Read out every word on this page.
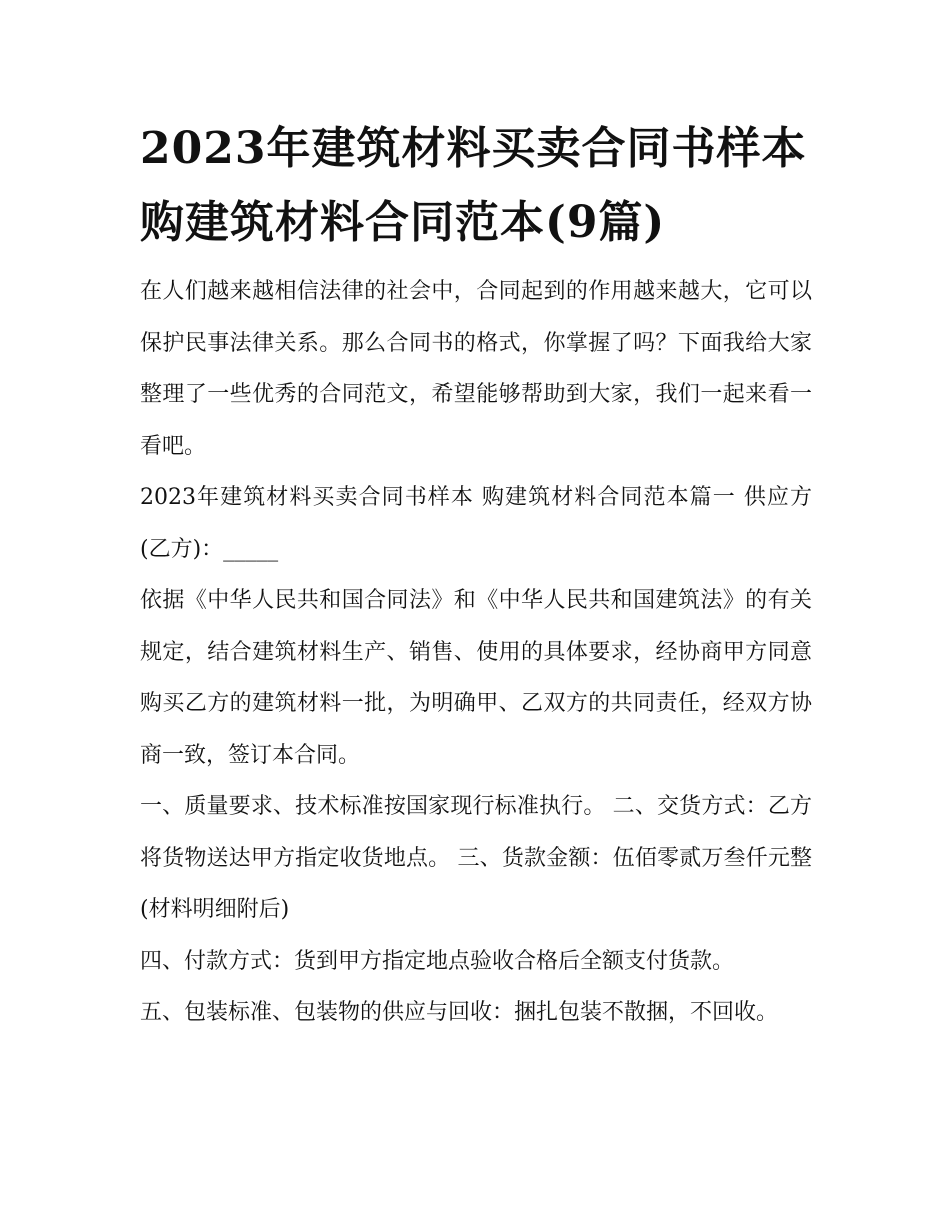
2023年建筑材料买卖合同书样本 购建筑材料合同范本(9篇)

在人们越来越相信法律的社会中，合同起到的作用越来越大，它可以保护民事法律关系。那么合同书的格式，你掌握了吗？下面我给大家整理了一些优秀的合同范文，希望能够帮助到大家，我们一起来看一看吧。

2023年建筑材料买卖合同书样本 购建筑材料合同范本篇一 供应方(乙方)：_____

依据《中华人民共和国合同法》和《中华人民共和国建筑法》的有关规定，结合建筑材料生产、销售、使用的具体要求，经协商甲方同意购买乙方的建筑材料一批，为明确甲、乙双方的共同责任，经双方协商一致，签订本合同。

一、质量要求、技术标准按国家现行标准执行。 二、交货方式：乙方将货物送达甲方指定收货地点。 三、货款金额：伍佰零贰万叁仟元整(材料明细附后)

四、付款方式：货到甲方指定地点验收合格后全额支付货款。

五、包装标准、包装物的供应与回收：捆扎包装不散捆，不回收。
